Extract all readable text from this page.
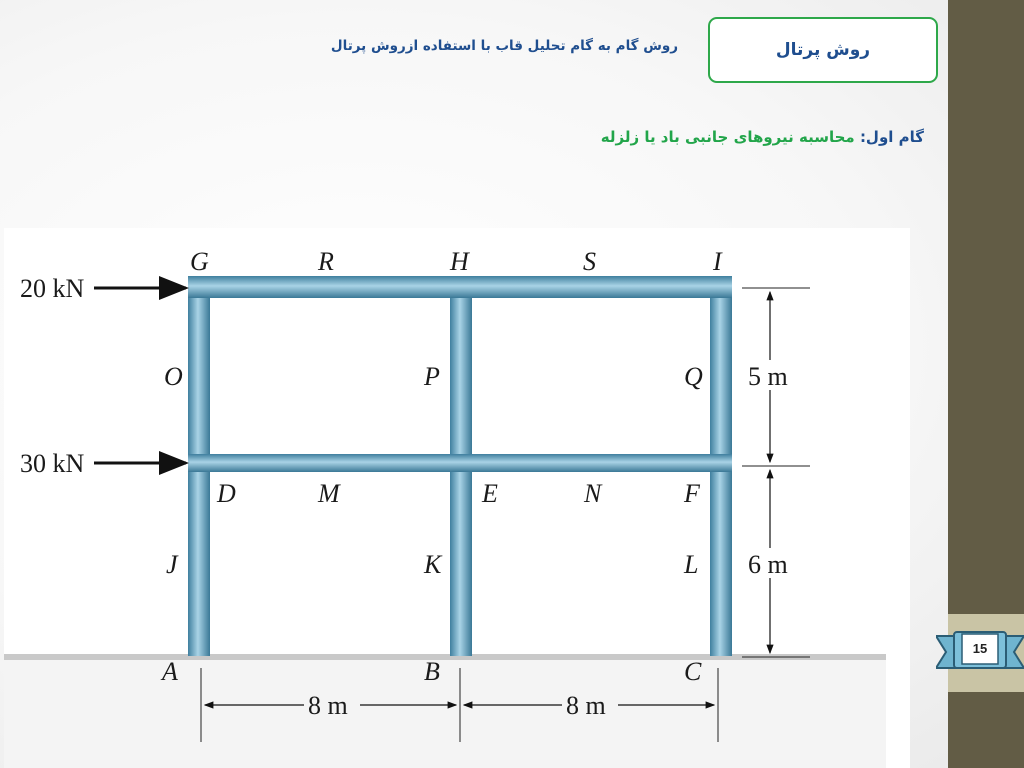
15
روش پرتال
روش گام به گام تحلیل قاب با استفاده ازروش پرتال
گام اول: محاسبه نیروهای جانبی باد یا زلزله
20 kN
30 kN
G	R	H	S	I
O	P	Q
D	M	E	N	F
J	K	L
A	B	C
5 m
6 m
8 m	8 m
